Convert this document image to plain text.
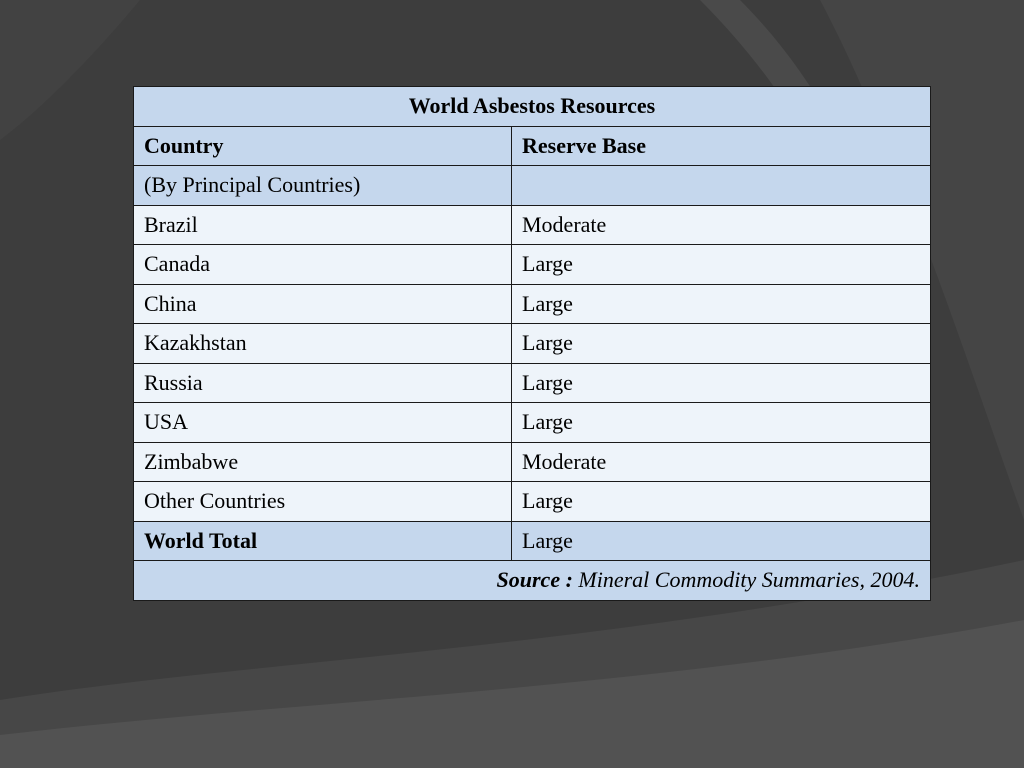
World Asbestos Resources	
Country	Reserve Base
(By Principal Countries)	
Brazil	Moderate
Canada	Large
China	Large
Kazakhstan	Large
Russia	Large
USA	Large
Zimbabwe	Moderate
Other Countries	Large
World Total	Large
Source : Mineral Commodity Summaries, 2004.	
